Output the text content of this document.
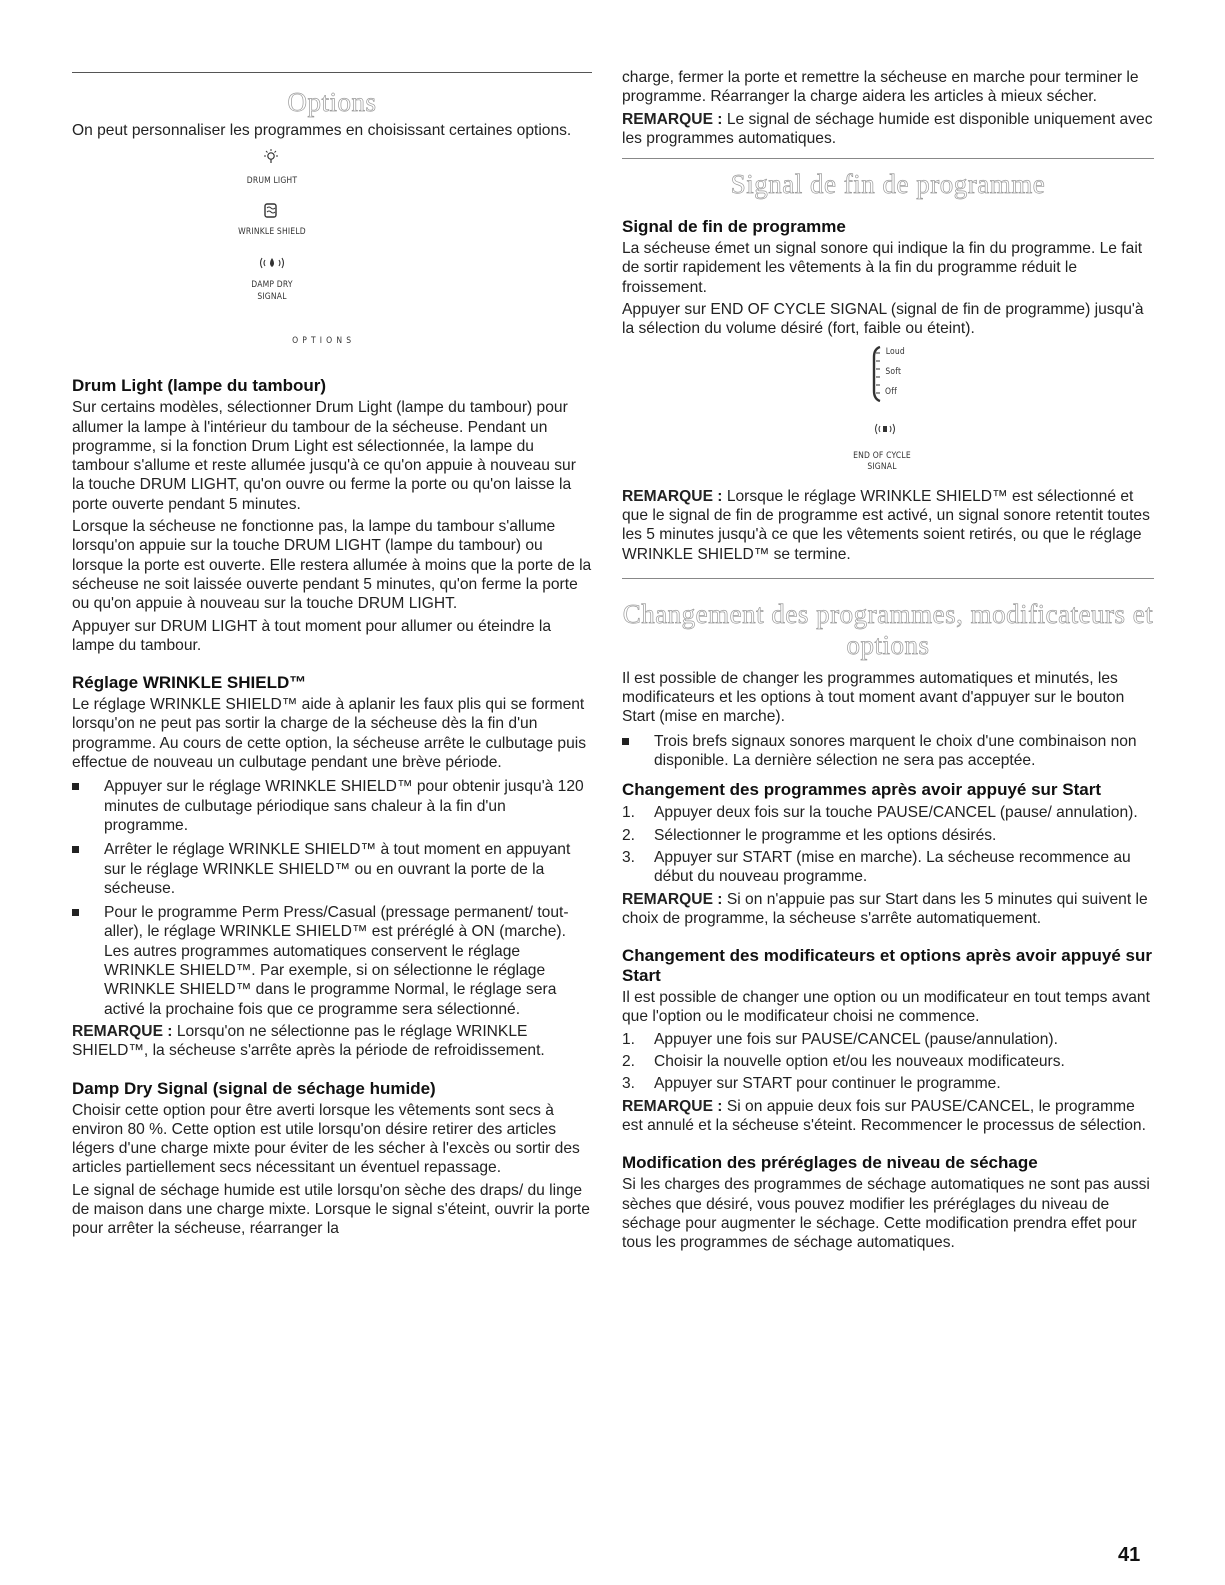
Options

On peut personnaliser les programmes en choisissant certaines options.

DRUM LIGHT
WRINKLE SHIELD
DAMP DRY
SIGNAL
O P T I O N S
Drum Light (lampe du tambour)

Sur certains modèles, sélectionner Drum Light (lampe du tambour) pour allumer la lampe à l'intérieur du tambour de la sécheuse. Pendant un programme, si la fonction Drum Light est sélectionnée, la lampe du tambour s'allume et reste allumée jusqu'à ce qu'on appuie à nouveau sur la touche DRUM LIGHT, qu'on ouvre ou ferme la porte ou qu'on laisse la porte ouverte pendant 5 minutes.

Lorsque la sécheuse ne fonctionne pas, la lampe du tambour s'allume lorsqu'on appuie sur la touche DRUM LIGHT (lampe du tambour) ou lorsque la porte est ouverte. Elle restera allumée à moins que la porte de la sécheuse ne soit laissée ouverte pendant 5 minutes, qu'on ferme la porte ou qu'on appuie à nouveau sur la touche DRUM LIGHT.

Appuyer sur DRUM LIGHT à tout moment pour allumer ou éteindre la lampe du tambour.

Réglage WRINKLE SHIELD™

Le réglage WRINKLE SHIELD™ aide à aplanir les faux plis qui se forment lorsqu'on ne peut pas sortir la charge de la sécheuse dès la fin d'un programme. Au cours de cette option, la sécheuse arrête le culbutage puis effectue de nouveau un culbutage pendant une brève période.

Appuyer sur le réglage WRINKLE SHIELD™ pour obtenir jusqu'à 120 minutes de culbutage périodique sans chaleur à la fin d'un programme.
Arrêter le réglage WRINKLE SHIELD™ à tout moment en appuyant sur le réglage WRINKLE SHIELD™ ou en ouvrant la porte de la sécheuse.
Pour le programme Perm Press/Casual (pressage permanent/ tout-aller), le réglage WRINKLE SHIELD™ est préréglé à ON (marche). Les autres programmes automatiques conservent le réglage WRINKLE SHIELD™. Par exemple, si on sélectionne le réglage WRINKLE SHIELD™ dans le programme Normal, le réglage sera activé la prochaine fois que ce programme sera sélectionné.

REMARQUE : Lorsqu'on ne sélectionne pas le réglage WRINKLE SHIELD™, la sécheuse s'arrête après la période de refroidissement.

Damp Dry Signal (signal de séchage humide)

Choisir cette option pour être averti lorsque les vêtements sont secs à environ 80 %. Cette option est utile lorsqu'on désire retirer des articles légers d'une charge mixte pour éviter de les sécher à l'excès ou sortir des articles partiellement secs nécessitant un éventuel repassage.

Le signal de séchage humide est utile lorsqu'on sèche des draps/ du linge de maison dans une charge mixte. Lorsque le signal s'éteint, ouvrir la porte pour arrêter la sécheuse, réarranger la

charge, fermer la porte et remettre la sécheuse en marche pour terminer le programme. Réarranger la charge aidera les articles à mieux sécher.

REMARQUE : Le signal de séchage humide est disponible uniquement avec les programmes automatiques.

Signal de fin de programme
Signal de fin de programme

La sécheuse émet un signal sonore qui indique la fin du programme. Le fait de sortir rapidement les vêtements à la fin du programme réduit le froissement.

Appuyer sur END OF CYCLE SIGNAL (signal de fin de programme) jusqu'à la sélection du volume désiré (fort, faible ou éteint).

Loud
Soft
Off
END OF CYCLE
SIGNAL

REMARQUE : Lorsque le réglage WRINKLE SHIELD™ est sélectionné et que le signal de fin de programme est activé, un signal sonore retentit toutes les 5 minutes jusqu'à ce que les vêtements soient retirés, ou que le réglage WRINKLE SHIELD™ se termine.

Changement des programmes, modificateurs et options

Il est possible de changer les programmes automatiques et minutés, les modificateurs et les options à tout moment avant d'appuyer sur le bouton Start (mise en marche).

Trois brefs signaux sonores marquent le choix d'une combinaison non disponible. La dernière sélection ne sera pas acceptée.
Changement des programmes après avoir appuyé sur Start
1. Appuyer deux fois sur la touche PAUSE/CANCEL (pause/ annulation).
2. Sélectionner le programme et les options désirés.
3. Appuyer sur START (mise en marche). La sécheuse recommence au début du nouveau programme.

REMARQUE : Si on n'appuie pas sur Start dans les 5 minutes qui suivent le choix de programme, la sécheuse s'arrête automatiquement.

Changement des modificateurs et options après avoir appuyé sur Start

Il est possible de changer une option ou un modificateur en tout temps avant que l'option ou le modificateur choisi ne commence.

1. Appuyer une fois sur PAUSE/CANCEL (pause/annulation).
2. Choisir la nouvelle option et/ou les nouveaux modificateurs.
3. Appuyer sur START pour continuer le programme.

REMARQUE : Si on appuie deux fois sur PAUSE/CANCEL, le programme est annulé et la sécheuse s'éteint. Recommencer le processus de sélection.

Modification des préréglages de niveau de séchage

Si les charges des programmes de séchage automatiques ne sont pas aussi sèches que désiré, vous pouvez modifier les préréglages du niveau de séchage pour augmenter le séchage. Cette modification prendra effet pour tous les programmes de séchage automatiques.

41
